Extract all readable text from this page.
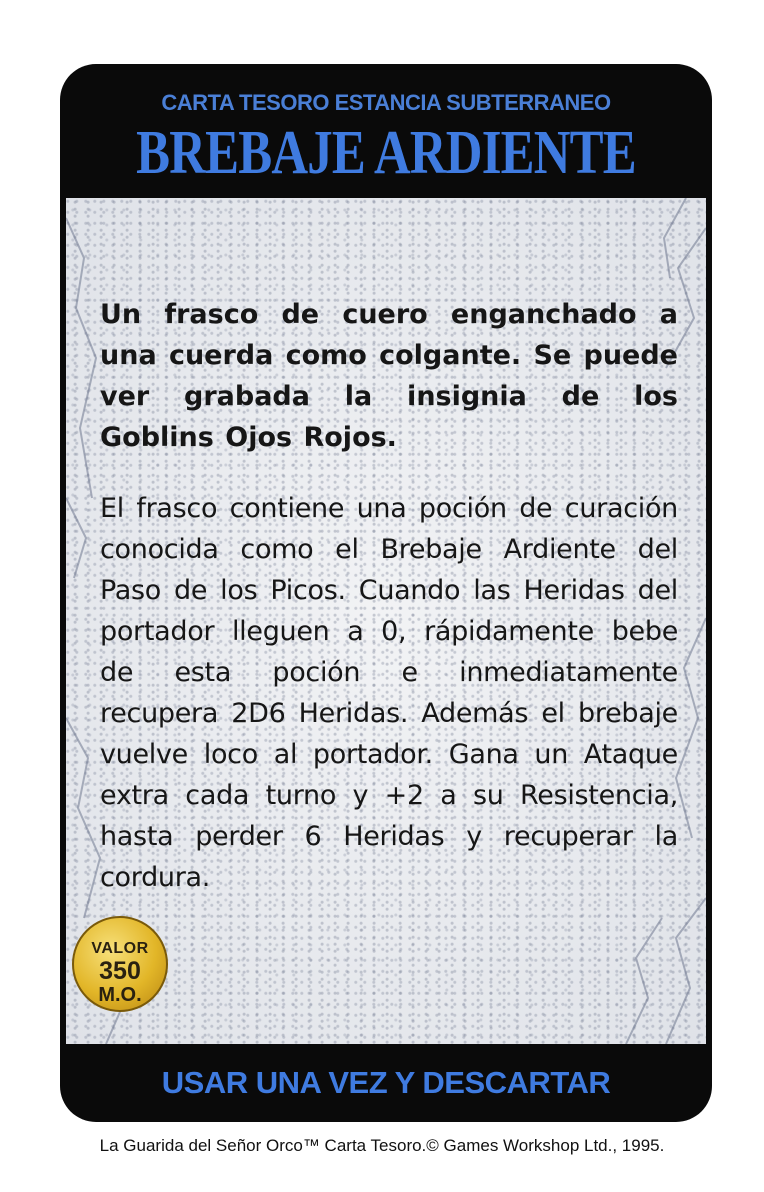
CARTA TESORO ESTANCIA SUBTERRANEO
BREBAJE ARDIENTE
Un frasco de cuero enganchado a una cuerda como colgante. Se puede ver grabada la insignia de los Goblins Ojos Rojos.
El frasco contiene una poción de curación conocida como el Brebaje Ardiente del Paso de los Picos. Cuando las Heridas del portador lleguen a 0, rápidamente bebe de esta poción e inmediatamente recupera 2D6 Heridas. Además el brebaje vuelve loco al portador. Gana un Ataque extra cada turno y +2 a su Resistencia, hasta perder 6 Heridas y recuperar la cordura.
USAR UNA VEZ Y DESCARTAR
VALOR
350
M.O.
La Guarida del Señor Orco™ Carta Tesoro.© Games Workshop Ltd., 1995.
